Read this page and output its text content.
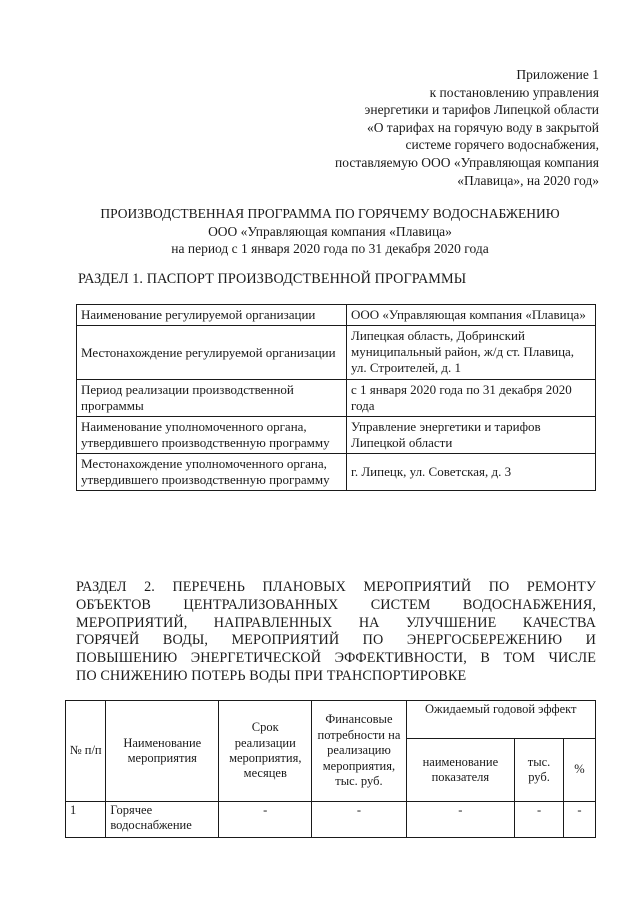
Приложение 1
к постановлению управления
энергетики и тарифов Липецкой области
«О тарифах на горячую воду в закрытой
системе горячего водоснабжения,
поставляемую ООО «Управляющая компания
«Плавица», на 2020 год»
ПРОИЗВОДСТВЕННАЯ ПРОГРАММА ПО ГОРЯЧЕМУ ВОДОСНАБЖЕНИЮ
ООО «Управляющая компания «Плавица»
на период с 1 января 2020 года по 31 декабря 2020 года
РАЗДЕЛ 1. ПАСПОРТ ПРОИЗВОДСТВЕННОЙ ПРОГРАММЫ
Наименование регулируемой организации	ООО «Управляющая компания «Плавица»
Местонахождение регулируемой организации	Липецкая область, Добринский муниципальный район, ж/д ст. Плавица, ул. Строителей, д. 1
Период реализации производственной программы	с 1 января 2020 года по 31 декабря 2020 года
Наименование уполномоченного органа, утвердившего производственную программу	Управление энергетики и тарифов Липецкой области
Местонахождение уполномоченного органа, утвердившего производственную программу	г. Липецк, ул. Советская, д. 3
РАЗДЕЛ 2. ПЕРЕЧЕНЬ ПЛАНОВЫХ МЕРОПРИЯТИЙ ПО РЕМОНТУ
ОБЪЕКТОВ ЦЕНТРАЛИЗОВАННЫХ СИСТЕМ ВОДОСНАБЖЕНИЯ,
МЕРОПРИЯТИЙ, НАПРАВЛЕННЫХ НА УЛУЧШЕНИЕ КАЧЕСТВА
ГОРЯЧЕЙ ВОДЫ, МЕРОПРИЯТИЙ ПО ЭНЕРГОСБЕРЕЖЕНИЮ И
ПОВЫШЕНИЮ ЭНЕРГЕТИЧЕСКОЙ ЭФФЕКТИВНОСТИ, В ТОМ ЧИСЛЕ
ПО СНИЖЕНИЮ ПОТЕРЬ ВОДЫ ПРИ ТРАНСПОРТИРОВКЕ
№ п/п	Наименование мероприятия	Срок реализации мероприятия, месяцев	Финансовые потребности на реализацию мероприятия, тыс. руб.	Ожидаемый годовой эффект		
				наименование показателя	тыс. руб.	%
1	Горячее водоснабжение	-	-	-	-	-
